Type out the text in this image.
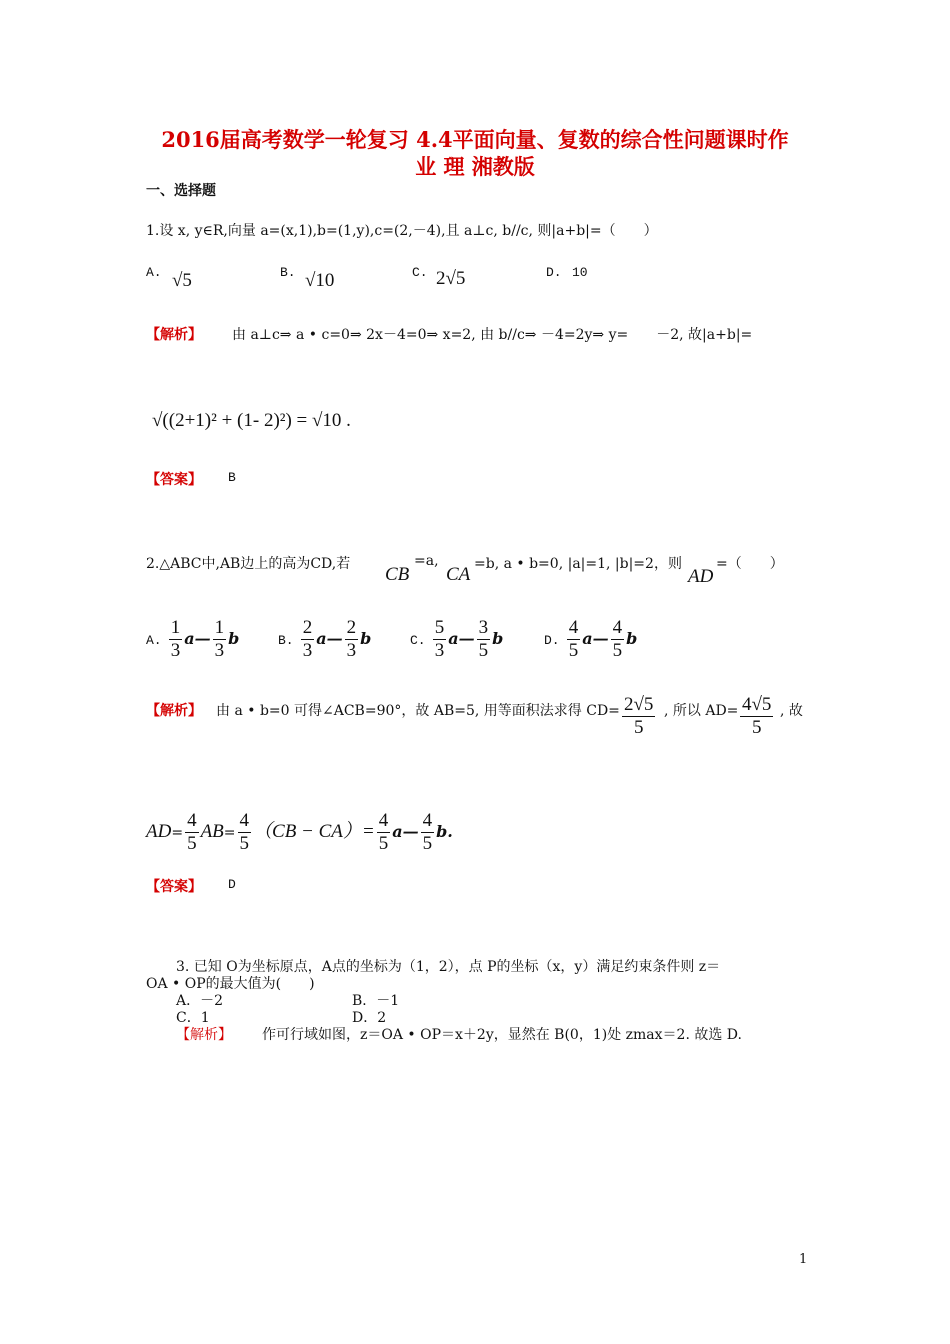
2016届高考数学一轮复习 4.4平面向量、复数的综合性问题课时作
业 理 湘教版
一、选择题
1.设 x, y∈R,向量 a=(x,1),b=(1,y),c=(2,－4),且 a⊥c, b//c, 则|a+b|=（　　）
A. √5	B. √10	C. 2√5	D. 10
【解析】 由 a⊥c⇒ a • c=0⇒ 2x－4=0⇒ x=2, 由 b//c⇒ －4=2y⇒ y=　　－2, 故|a+b|=
√((2+1)² + (1- 2)²) = √10 .
【答案】 B
2.△ABC中,AB边上的高为CD,若 CB
=a,
CA =b, a • b=0, |a|=1, |b|=2，则
AD
=（　　）
A. $\frac{1}{3}$ a— $\frac{1}{3}$ b	B. $\frac{2}{3}$ a— $\frac{2}{3}$ b	C. $\frac{5}{3}$ a— $\frac{3}{5}$ b	D. $\frac{4}{5}$ a— $\frac{4}{5}$ b
【解析】 由 a • b=0 可得∠ACB=90°，故 AB=5, 用等面积法求得 $CD= \frac{2√5}{5}$ , 所以 $AD= \frac{4√5}{5}$ , 故
$AD= \frac{4}{5} AB= \frac{4}{5} (CB - CA)= \frac{4}{5}$ a— $\frac{4}{5} b$.
【答案】 D
3. 已知 O为坐标原点，A点的坐标为（1，2），点 P的坐标（x，y）满足约束条件则 z＝
OA • OP的最大值为(　　)
A．－2	B．－1
C．1	D．2
【解析】 作可行域如图，z＝OA • OP＝x＋2y，显然在 B(0，1)处 zmax＝2. 故选 D.
1
